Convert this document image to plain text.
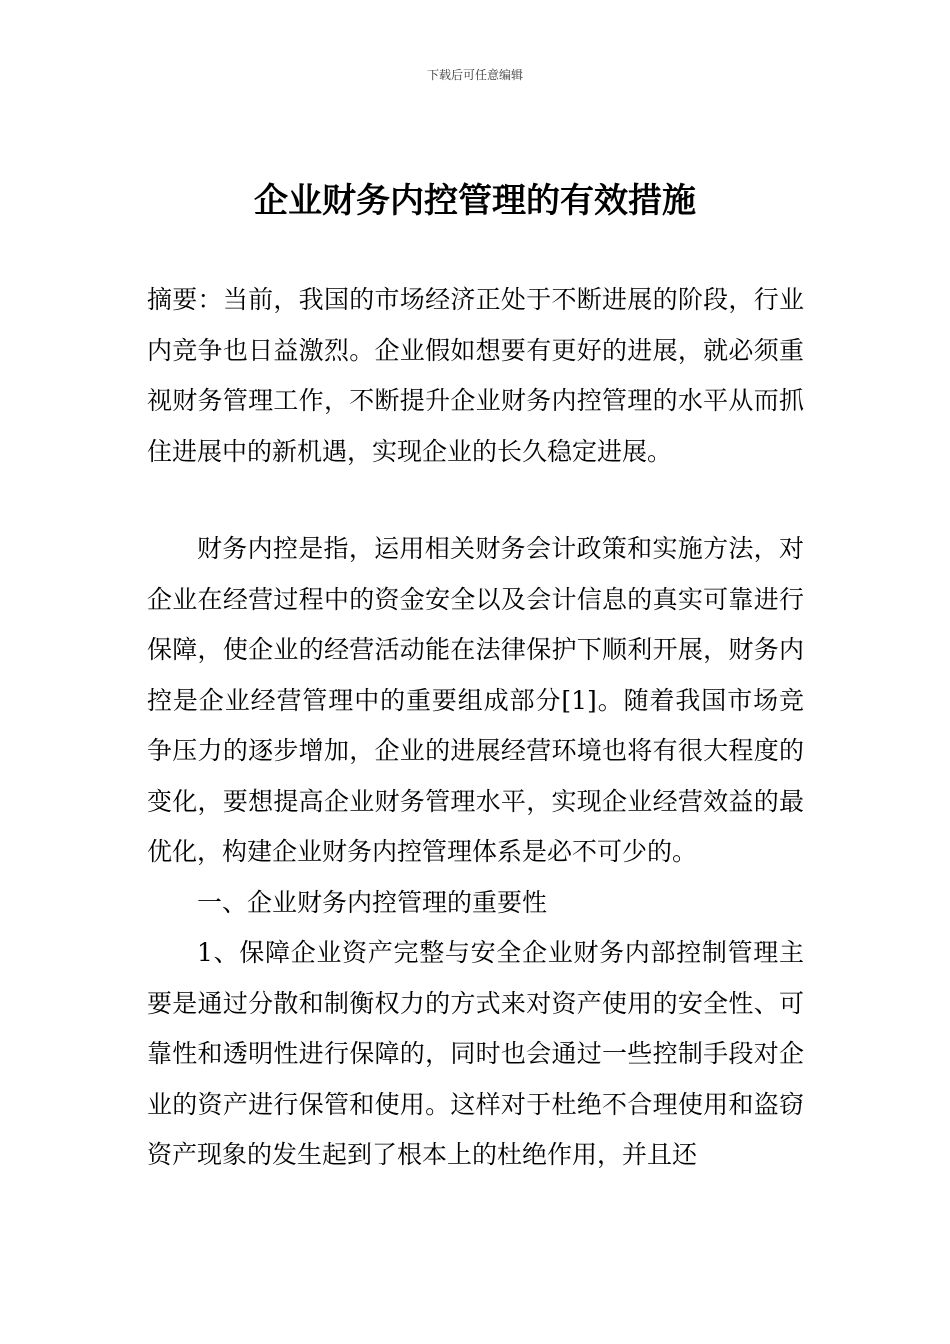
下载后可任意编辑
企业财务内控管理的有效措施

摘要：当前，我国的市场经济正处于不断进展的阶段，行业内竞争也日益激烈。企业假如想要有更好的进展，就必须重视财务管理工作，不断提升企业财务内控管理的水平从而抓住进展中的新机遇，实现企业的长久稳定进展。

财务内控是指，运用相关财务会计政策和实施方法，对企业在经营过程中的资金安全以及会计信息的真实可靠进行保障，使企业的经营活动能在法律保护下顺利开展，财务内控是企业经营管理中的重要组成部分[1]。随着我国市场竞争压力的逐步增加，企业的进展经营环境也将有很大程度的变化，要想提高企业财务管理水平，实现企业经营效益的最优化，构建企业财务内控管理体系是必不可少的。

一、企业财务内控管理的重要性

1、保障企业资产完整与安全企业财务内部控制管理主要是通过分散和制衡权力的方式来对资产使用的安全性、可靠性和透明性进行保障的，同时也会通过一些控制手段对企业的资产进行保管和使用。这样对于杜绝不合理使用和盗窃资产现象的发生起到了根本上的杜绝作用，并且还
